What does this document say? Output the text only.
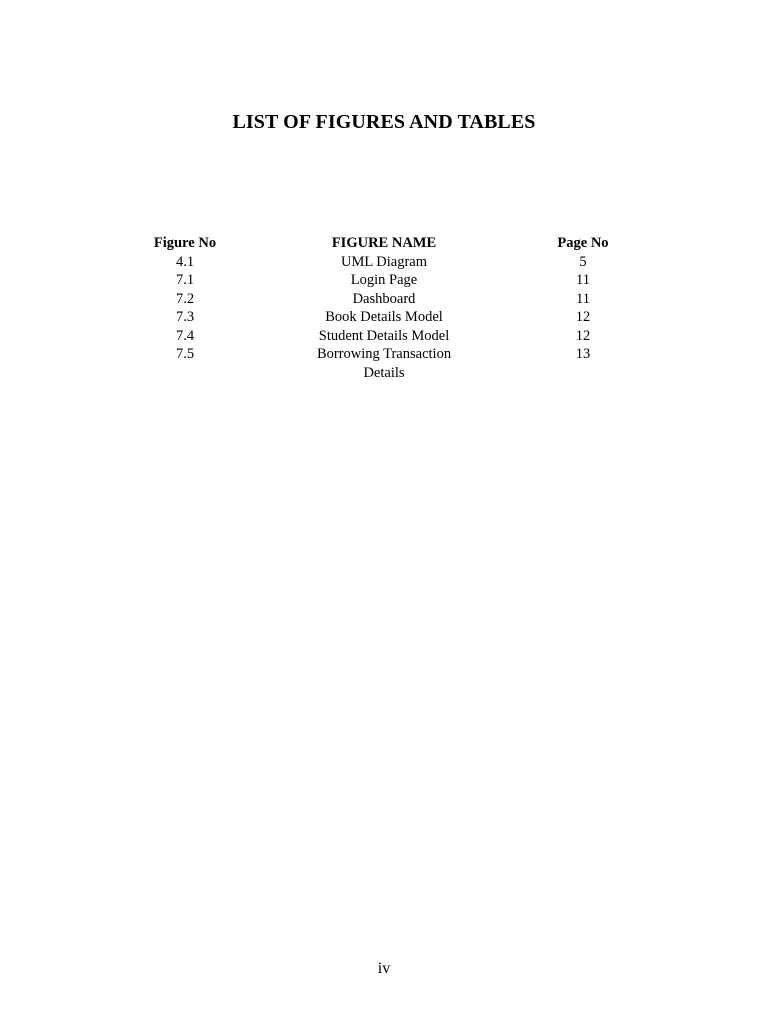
LIST OF FIGURES AND TABLES
Figure No	FIGURE NAME	Page No
4.1	UML Diagram	5
7.1	Login Page	11
7.2	Dashboard	11
7.3	Book Details Model	12
7.4	Student Details Model	12
7.5	Borrowing Transaction Details	13
iv
